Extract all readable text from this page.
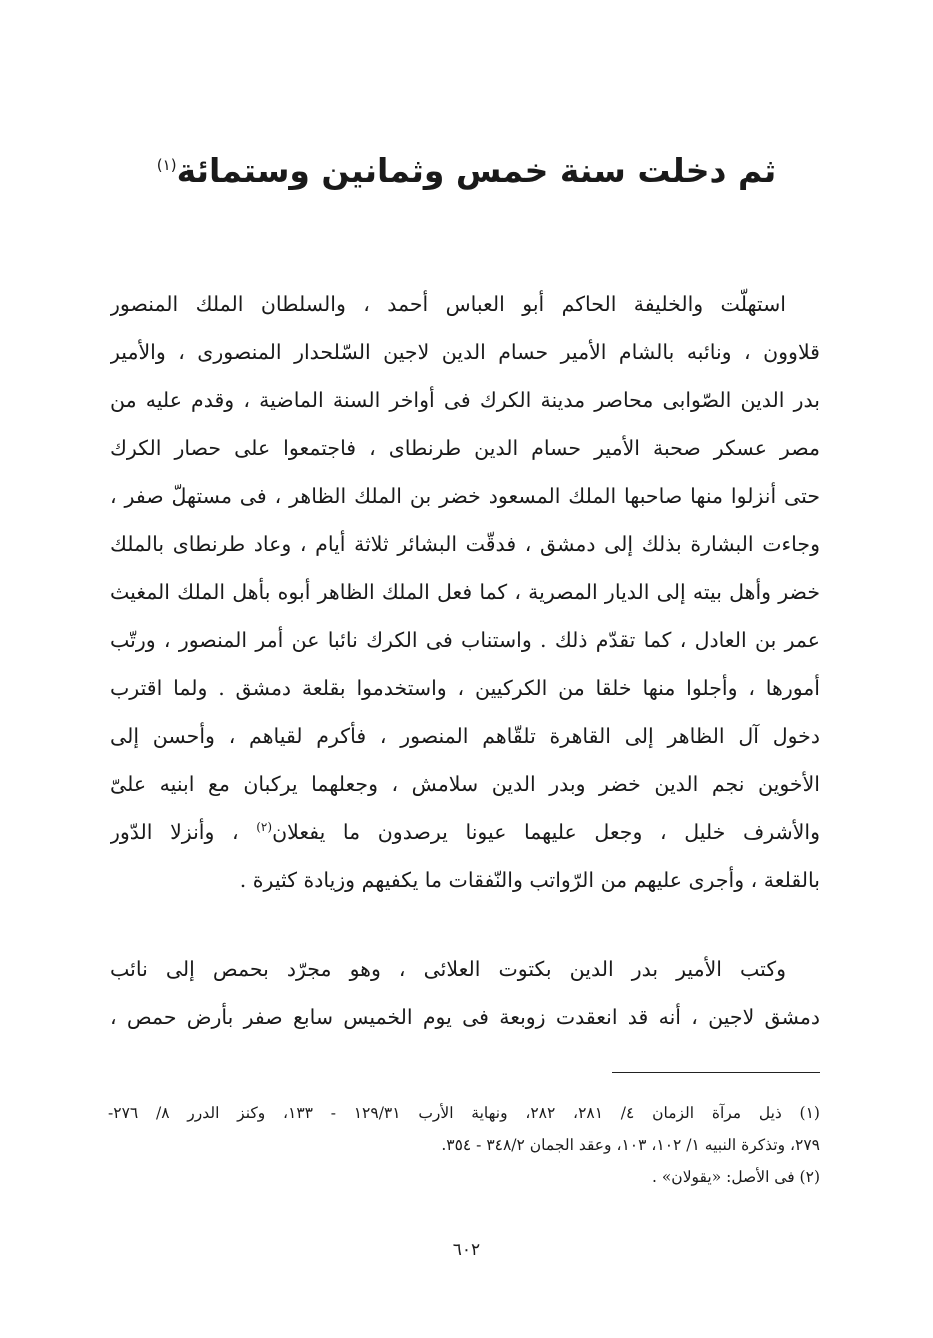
ثم دخلت سنة خمس وثمانين وستمائة$^{(١)}$
استهلّت والخليفة الحاكم أبو العباس أحمد ، والسلطان الملك المنصور
قلاوون ، ونائبه بالشام الأمير حسام الدين لاجين السّلحدار المنصورى ، والأمير
بدر الدين الصّوابى محاصر مدينة الكرك فى أواخر السنة الماضية ، وقدم عليه من
مصر عسكر صحبة الأمير حسام الدين طرنطاى ، فاجتمعوا على حصار الكرك
حتى أنزلوا منها صاحبها الملك المسعود خضر بن الملك الظاهر ، فى مستهلّ صفر ،
وجاءت البشارة بذلك إلى دمشق ، فدقّت البشائر ثلاثة أيام ، وعاد طرنطاى بالملك
خضر وأهل بيته إلى الديار المصرية ، كما فعل الملك الظاهر أبوه بأهل الملك المغيث
عمر بن العادل ، كما تقدّم ذلك . واستناب فى الكرك نائبا عن أمر المنصور ، ورتّب
أمورها ، وأجلوا منها خلقا من الكركيين ، واستخدموا بقلعة دمشق . ولما اقترب
دخول آل الظاهر إلى القاهرة تلقّاهم المنصور ، فأكرم لقياهم ، وأحسن إلى
الأخوين نجم الدين خضر وبدر الدين سلامش ، وجعلهما يركبان مع ابنيه علىّ
والأشرف خليل ، وجعل عليهما عيونا يرصدون ما يفعلان$^{(٢)}$ ، وأنزلا الدّور
بالقلعة ، وأجرى عليهم من الرّواتب والنّفقات ما يكفيهم وزيادة كثيرة .
وكتب الأمير بدر الدين بكتوت العلائى ، وهو مجرّد بحمص إلى نائب
دمشق لاجين ، أنه قد انعقدت زوبعة فى يوم الخميس سابع صفر بأرض حمص ،
(١) ذيل مرآة الزمان ٤/ ٢٨١، ٢٨٢، ونهاية الأرب ١٢٩/٣١ - ١٣٣، وكنز الدرر ٨/ ٢٧٦-
٢٧٩، وتذكرة النبيه ١/ ١٠٢، ١٠٣، وعقد الجمان ٣٤٨/٢ - ٣٥٤.
(٢) فى الأصل: «يقولان» .
٦٠٢
